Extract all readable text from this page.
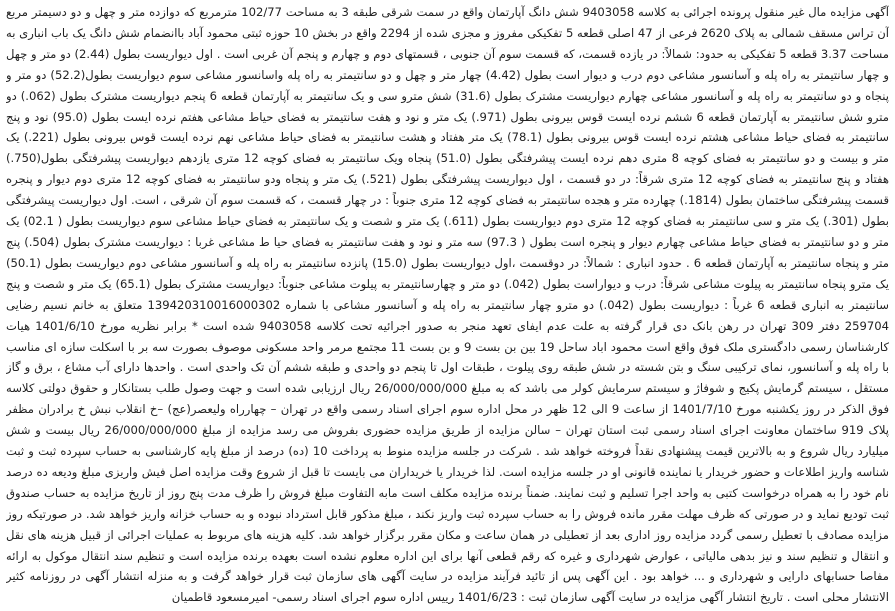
آگهی مزایده مال غیر منقول پرونده اجرائی به کلاسه 9403058 شش دانگ آپارتمان واقع در سمت شرقی طبقه 3 به مساحت 102/77 مترمربع که دوازده متر و چهل و دو دسیمتر مربع آن تراس مسقف شمالی به پلاک 2620 فرعی از 47 اصلی قطعه 5 تفکیکی مفروز و مجزی شده از 2294 واقع در بخش 10 حوزه ثبتی محمود آباد باانضمام شش دانگ یک باب انباری به مساحت 3.37 قطعه 5 تفکیکی به حدود: شمالاً: در یازده قسمت، که قسمت سوم آن جنوبی ، قسمتهای دوم و چهارم و پنجم آن غربی است . اول دیوار‌یست بطول (2.44) دو متر و چهل و چهار سانتیمتر به راه پله و آسانسور مشاعی دوم درب و دیوار است بطول (4.42) چهار متر و چهل و دو سانتیمتر به راه پله واسانسور مشاعی سوم دیواریست بطول(52.2) دو متر و پنجاه و دو سانتیمتر به راه پله و آسانسور مشاعی چهارم دیواریست مشترک بطول (31.6) شش مترو سی و یک سانتیمتر به آپارتمان قطعه 6 پنجم دیواریست مشترک بطول (062.) دو مترو شش سانتیمتر به آپارتمان قطعه 6 ششم نرده ایست قوس بیرونی بطول (971.) یک متر و نود و هفت سانتیمتر به فضای حیاط مشاعی هفتم نرده ایست بطول (95.0) نود و پنج سانتیمتر به فضای حیاط مشاعی هشتم نرده ایست قوس بیرونی بطول (78.1) یک متر هفتاد و هشت سانتیمتر به فضای حیاط مشاعی نهم نرده ایست قوس بیرونی بطول (221.) یک متر و بیست و دو سانتیمتر به فضای کوچه 8 متری دهم نرده ایست پیشرفتگی بطول (51.0) پنجاه ویک سانتیمتر به فضای کوچه 12 متری یازدهم دیواریست پیشرفتگی بطول(750.) هفتاد و پنج سانتیمتر به فضای کوچه 12 متری شرقاً: در دو قسمت ، اول دیواریست پیشرفتگی بطول (521.) یک متر و پنجاه ودو سانتیمتر به فضای کوچه 12 متری دوم دیوار و پنجره قسمت پیشرفتگی ساختمان بطول (1814.) چهارده متر و هجده سانتیمتر به فضای کوچه 12 متری جنوباً : در چهار قسمت ، که قسمت سوم آن شرقی ، است. اول دیواریست پیشرفتگی بطول (301.) یک متر و سی سانتیمتر به فضای کوچه 12 متری دوم دیواریست بطول (611.) یک متر و شصت و یک سانتیمتر به فضای حیاط مشاعی سوم دیواریست بطول ( 02.1) یک متر و دو سانتیمتر به فضای حیاط مشاعی چهارم دیوار و پنجره است بطول ( 97.3) سه متر و نود و هفت سانتیمتر به فضای حیا ط مشاعی غربا : دیواریست مشترک بطول (504.) پنج متر و پنجاه سانتیمتر به آپارتمان قطعه 6 . حدود انباری : شمالاً: در دوقسمت ،اول دیواریست بطول (15.0) پانزده سانتیمتر به راه پله و آسانسور مشاعی دوم دیواریست بطول (50.1) یک مترو پنجاه سانتیمتر به پیلوت مشاعی شرقاً: درب و دیواراست بطول (042.) دو متر و چهارسانتیمتر به پیلوت مشاعی جنوباً: دیواریست مشترک بطول (65.1) یک متر و شصت و پنج سانتیمتر به انباری قطعه 6 غرباً : دیواریست بطول (042.) دو مترو چهار سانتیمتر به راه پله و آسانسور مشاعی با شماره 139420310016000302 متعلق به خانم نسیم رضایی 259704 دفتر 309 تهران در رهن بانک دی قرار گرفته به علت عدم ایفای تعهد منجر به صدور اجرائیه تحت کلاسه 9403058 شده است * برابر نظریه مورخ 1401/6/10 هیات کارشناسان رسمی دادگستری ملک فوق واقع است محمود اباد ساحل 19 بین بن بست 9 و بن بست 11 مجتمع مرمر واحد مسکونی موصوف بصورت سه بر با اسکلت سازه ای مناسب با راه پله و آسانسور، نمای ترکیبی سنگ و بتن شسته در شش طبقه روی پیلوت ، طبقات اول تا پنجم دو واحدی و طبقه ششم آن تک واحدی است . واحدها دارای آب مشاع ، برق و گاز مستقل ، سیستم گرمایش پکیج و شوفاژ و سیستم سرمایش کولر می باشد که به مبلغ 26/000/000/000 ریال ارزیابی شده است و جهت وصول طلب بستانکار و حقوق دولتی کلاسه فوق الذکر در روز یکشنبه مورخ 1401/7/10 از ساعت 9 الی 12 ظهر در محل اداره سوم اجرای اسناد رسمی واقع در تهران – چهارراه ولیعصر(عج) –خ انقلاب نبش خ برادران مظفر پلاک 919 ساختمان معاونت اجرای اسناد رسمی ثبت استان تهران – سالن مزایده از طریق مزایده حضوری بفروش می رسد مزایده از مبلغ 26/000/000/000 ریال بیست و شش میلیارد ریال شروع و به بالاترین قیمت پیشنهادی نقداً فروخته خواهد شد . شرکت در جلسه مزایده منوط به پرداخت 10 (ده) درصد از مبلغ پایه کارشناسی به حساب سپرده ثبت و ثبت شناسه واریز اطلاعات و حضور خریدار یا نماینده قانونی او در جلسه مزایده است. لذا خریدار یا خریداران می بایست تا قبل از شروع وقت مزایده اصل فیش واریزی مبلغ ودیعه ده درصد نام خود را به همراه درخواست کتبی به واحد اجرا تسلیم و ثبت نمایند. ضمناً برنده مزایده مکلف است مابه التفاوت مبلغ فروش را ظرف مدت پنج روز از تاریخ مزایده به حساب صندوق ثبت تودیع نماید و در صورتی که ظرف مهلت مقرر مانده فروش را به حساب سپرده ثبت واریز نکند ، مبلغ مذکور قابل استرداد نبوده و به حساب خزانه واریز خواهد شد. در صورتیکه روز مزایده مصادف با تعطیل رسمی گردد مزایده روز اداری بعد از تعطیلی در همان ساعت و مکان مقرر برگزار خواهد شد. کلیه هزینه های مربوط به عملیات اجرائی از قبیل هزینه های نقل و انتقال و تنظیم سند و نیز بدهی مالیاتی ، عوارض شهرداری و غیره که رقم قطعی آنها برای این اداره معلوم نشده است بعهده برنده مزایده است و تنظیم سند انتقال موکول به ارائه مفاصا حسابهای دارایی و شهرداری و ... خواهد بود . این آگهی پس از تائید فرآیند مزایده در سایت آگهی های سازمان ثبت قرار خواهد گرفت و به منزله انتشار آگهی در روزنامه کثیر الانتشار محلی است . تاریخ انتشار آگهی مزایده در سایت آگهی سازمان ثبت : 1401/6/23 رییس اداره سوم اجرای اسناد رسمی- امیرمسعود قاطمیان
